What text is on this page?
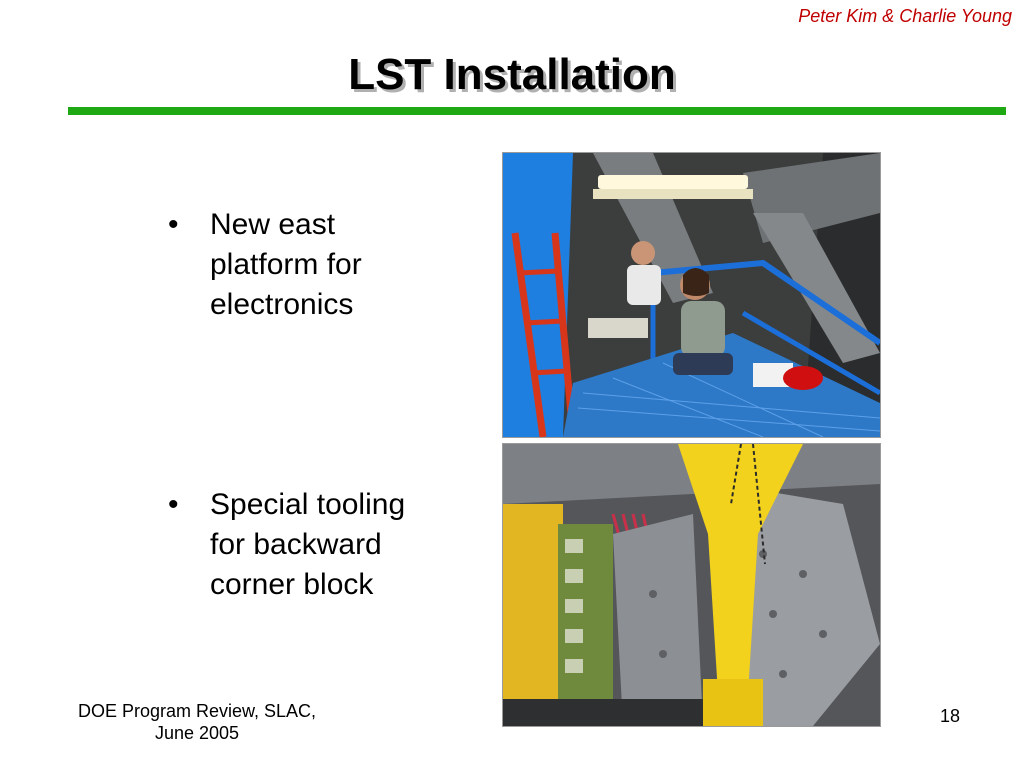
Peter Kim & Charlie Young
LST Installation
•	New east platform for electronics
•	Special tooling for backward corner block
DOE Program Review, SLAC,
June 2005
18
